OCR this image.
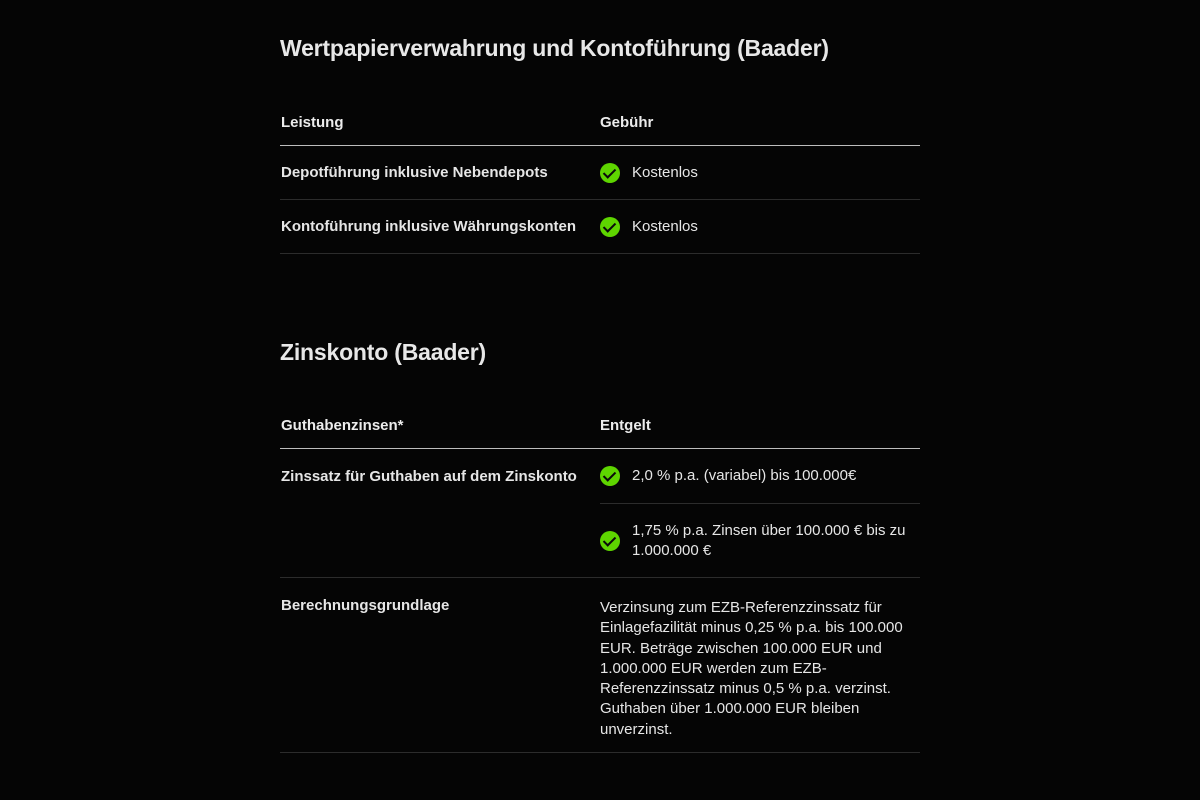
Wertpapierverwahrung und Kontoführung (Baader)
Leistung	Gebühr
Depotführung inklusive Nebendepots	Kostenlos
Kontoführung inklusive Währungskonten	Kostenlos
Zinskonto (Baader)
Guthabenzinsen*	Entgelt
Zinssatz für Guthaben auf dem Zinskonto	2,0 % p.a. (variabel) bis 100.000€
1,75 % p.a. Zinsen über 100.000 € bis zu 1.000.000 €
Berechnungsgrundlage	Verzinsung zum EZB-Referenzzinssatz für Einlagefazilität minus 0,25 % p.a. bis 100.000 EUR. Beträge zwischen 100.000 EUR und 1.000.000 EUR werden zum EZB-Referenzzinssatz minus 0,5 % p.a. verzinst. Guthaben über 1.000.000 EUR bleiben unverzinst.
